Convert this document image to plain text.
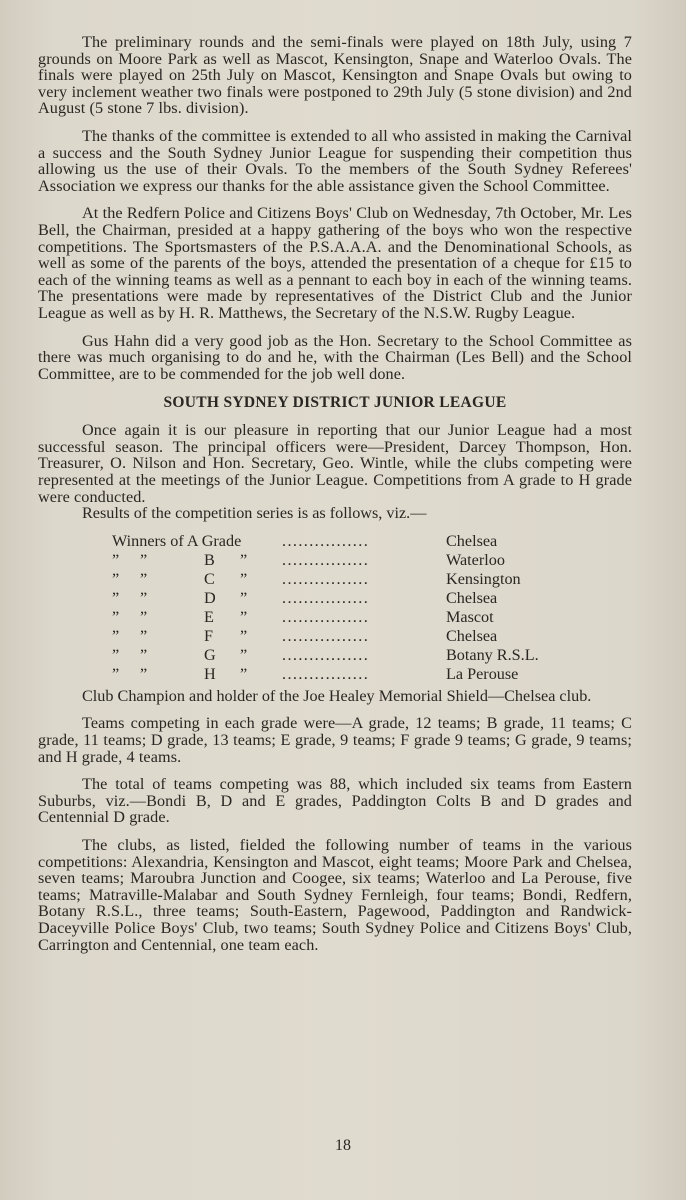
The preliminary rounds and the semi-finals were played on 18th July, using 7 grounds on Moore Park as well as Mascot, Kensington, Snape and Waterloo Ovals. The finals were played on 25th July on Mascot, Kensington and Snape Ovals but owing to very inclement weather two finals were postponed to 29th July (5 stone division) and 2nd August (5 stone 7 lbs. division).

The thanks of the committee is extended to all who assisted in making the Carnival a success and the South Sydney Junior League for suspending their competition thus allowing us the use of their Ovals. To the members of the South Sydney Referees' Association we express our thanks for the able assistance given the School Committee.

At the Redfern Police and Citizens Boys' Club on Wednesday, 7th October, Mr. Les Bell, the Chairman, presided at a happy gathering of the boys who won the respective competitions. The Sportsmasters of the P.S.A.A.A. and the Denominational Schools, as well as some of the parents of the boys, attended the presentation of a cheque for £15 to each of the winning teams as well as a pennant to each boy in each of the winning teams. The presentations were made by representatives of the District Club and the Junior League as well as by H. R. Matthews, the Secretary of the N.S.W. Rugby League.

Gus Hahn did a very good job as the Hon. Secretary to the School Committee as there was much organising to do and he, with the Chairman (Les Bell) and the School Committee, are to be commended for the job well done.

SOUTH SYDNEY DISTRICT JUNIOR LEAGUE

Once again it is our pleasure in reporting that our Junior League had a most successful season. The principal officers were—President, Darcey Thompson, Hon. Treasurer, O. Nilson and Hon. Secretary, Geo. Wintle, while the clubs competing were represented at the meetings of the Junior League. Competitions from A grade to H grade were conducted.

Results of the competition series is as follows, viz.—

Winners of A Grade	................	Chelsea
” ”	B ” ................	Waterloo
” ”	C ” ................	Kensington
” ”	D ” ................	Chelsea
” ”	E ” ................	Mascot
” ”	F ” ................	Chelsea
” ”	G ” ................	Botany R.S.L.
” ”	H ” ................	La Perouse

Club Champion and holder of the Joe Healey Memorial Shield—Chelsea club.

Teams competing in each grade were—A grade, 12 teams; B grade, 11 teams; C grade, 11 teams; D grade, 13 teams; E grade, 9 teams; F grade 9 teams; G grade, 9 teams; and H grade, 4 teams.

The total of teams competing was 88, which included six teams from Eastern Suburbs, viz.—Bondi B, D and E grades, Paddington Colts B and D grades and Centennial D grade.

The clubs, as listed, fielded the following number of teams in the various competitions: Alexandria, Kensington and Mascot, eight teams; Moore Park and Chelsea, seven teams; Maroubra Junction and Coogee, six teams; Waterloo and La Perouse, five teams; Matraville-Malabar and South Sydney Fernleigh, four teams; Bondi, Redfern, Botany R.S.L., three teams; South-Eastern, Pagewood, Paddington and Randwick-Daceyville Police Boys' Club, two teams; South Sydney Police and Citizens Boys' Club, Carrington and Centennial, one team each.

18
